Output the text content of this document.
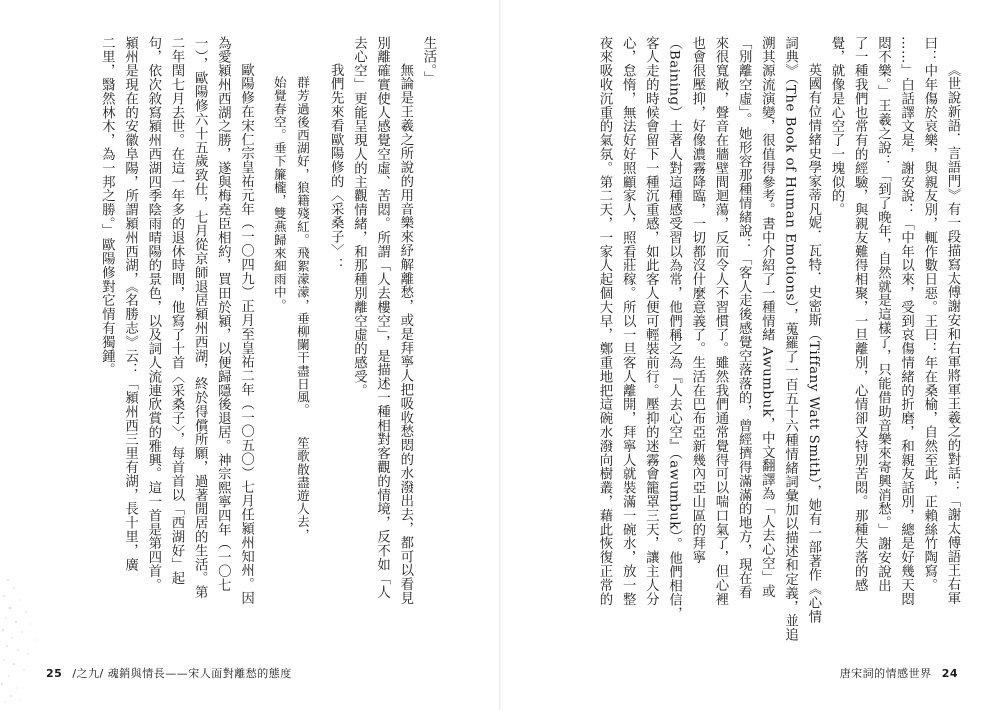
《世說新語．言語門》有一段描寫太傅謝安和右軍將軍王羲之的對話：「謝太傅語王右軍
曰：中年傷於哀樂，與親友別，輒作數日惡。王曰：年在桑榆，自然至此，正賴絲竹陶寫。
……」白話譯文是，謝安說：「中年以來，受到哀傷情緒的折磨，和親友話別，總是好幾天悶
悶不樂。」王羲之說：「到了晚年，自然就是這樣了，只能借助音樂來寄興消愁。」謝安說出
了一種我們也常有的經驗，與親友難得相聚，一旦離別，心情卻又特別苦悶。那種失落的感
覺，就像是心空了一塊似的。
英國有位情緒史學家蒂凡妮．瓦特．史密斯（Tiffany Watt Smith），她有一部著作《心情
詞典》（The Book of Human Emotions），蒐羅了一百五十六種情緒詞彙加以描述和定義，並追
溯其源流演變，很值得參考。書中介紹了一種情緒 Awumbuk，中文翻譯為「人去心空」或
「別離空虛」。她形容那種情緒說：「客人走後感覺空落落的，曾經擠得滿滿的地方，現在看
來很寬敞，聲音在牆壁間迴蕩，反而令人不習慣了。雖然我們通常覺得可以喘口氣了，但心裡
也會很壓抑，好像濃霧降臨，一切都沒什麼意義了。生活在巴布亞新幾內亞山區的拜寧
（Baining）土著人對這種感受習以為常，他們稱之為『人去心空』（awumbuk）。他們相信，
客人走的時候會留下一種沉重感，如此客人便可輕裝前行。壓抑的迷霧會籠罩三天，讓主人分
心，怠惰，無法好好照顧家人，照看莊稼。所以一旦客人離開，拜寧人就裝滿一碗水，放一整
夜來吸收沉重的氣氛。第二天，一家人起個大早，鄭重地把這碗水潑向樹叢，藉此恢復正常的
唐宋詞的情感世界 24
生活。」
無論是王羲之所說的用音樂來紓解離愁，或是拜寧人把吸收愁悶的水潑出去，都可以看見
別離確實使人感覺空虛、苦悶。所謂「人去樓空」，是描述一種相對客觀的情境，反不如「人
去心空」更能呈現人的主觀情緒，和那種別離空虛的感受。
我們先來看歐陽修的〈采桑子〉：
群芳過後西湖好，狼籍殘紅。飛絮濛濛，垂柳闌干盡日風。　　笙歌散盡遊人去，
始覺春空。垂下簾櫳，雙燕歸來細雨中。
歐陽修在宋仁宗皇祐元年（一〇四九）正月至皇祐二年（一〇五〇）七月任潁州知州。因
為愛潁州西湖之勝，遂與梅堯臣相約，買田於潁，以便歸隱後退居。神宗熙寧四年（一〇七
一），歐陽修六十五歲致仕，七月從京師退居潁州西湖，終於得償所願，過著閒居的生活。第
二年閏七月去世。在這一年多的退休時間，他寫了十首〈采桑子〉，每首首以「西湖好」起
句，依次敘寫潁州西湖四季陰雨晴陽的景色，以及詞人流連欣賞的雅興。這一首是第四首。
潁州是現在的安徽阜陽，所謂潁州西湖，《名勝志》云：「潁州西三里有湖，長十里，廣
二里，翳然林木，為一邦之勝。」歐陽修對它情有獨鍾。
25 /之九/ 魂銷與情長——宋人面對離愁的態度
